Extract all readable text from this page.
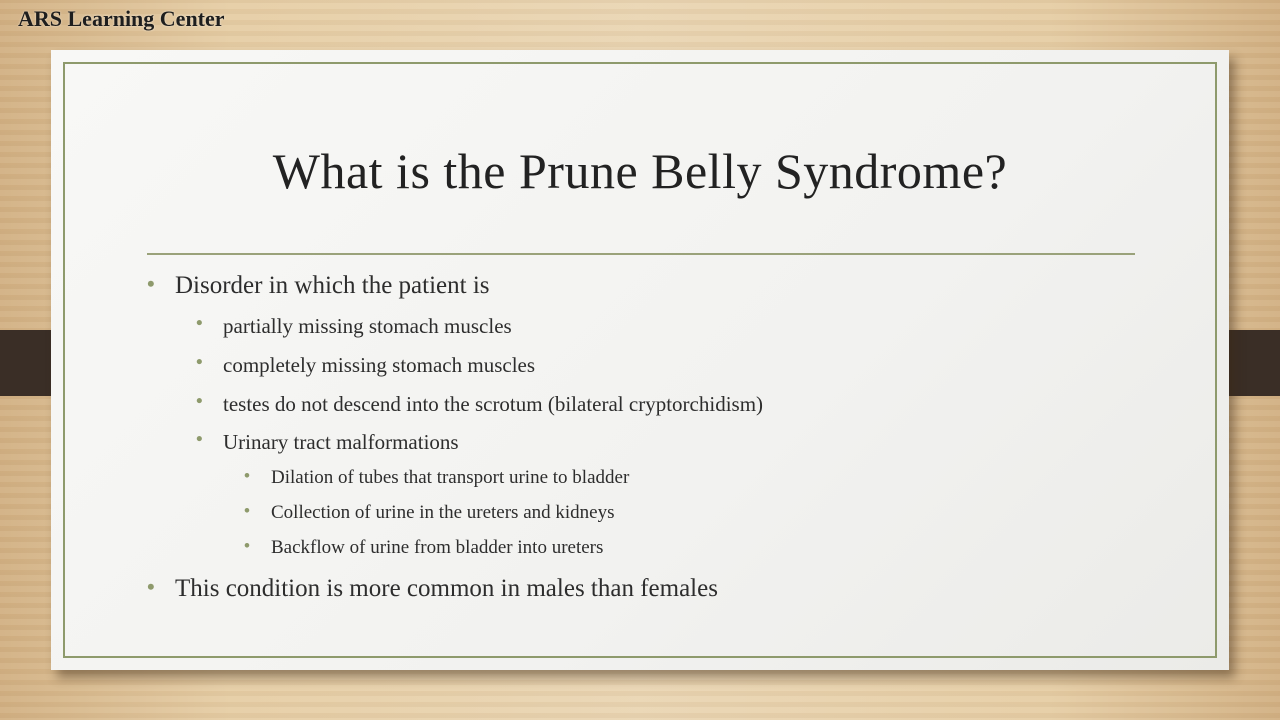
ARS Learning Center
What is the Prune Belly Syndrome?
• Disorder in which the patient is
• partially missing stomach muscles
• completely missing stomach muscles
• testes do not descend into the scrotum (bilateral cryptorchidism)
• Urinary tract malformations
• Dilation of tubes that transport urine to bladder
• Collection of urine in the ureters and kidneys
• Backflow of urine from bladder into ureters
• This condition is more common in males than females
